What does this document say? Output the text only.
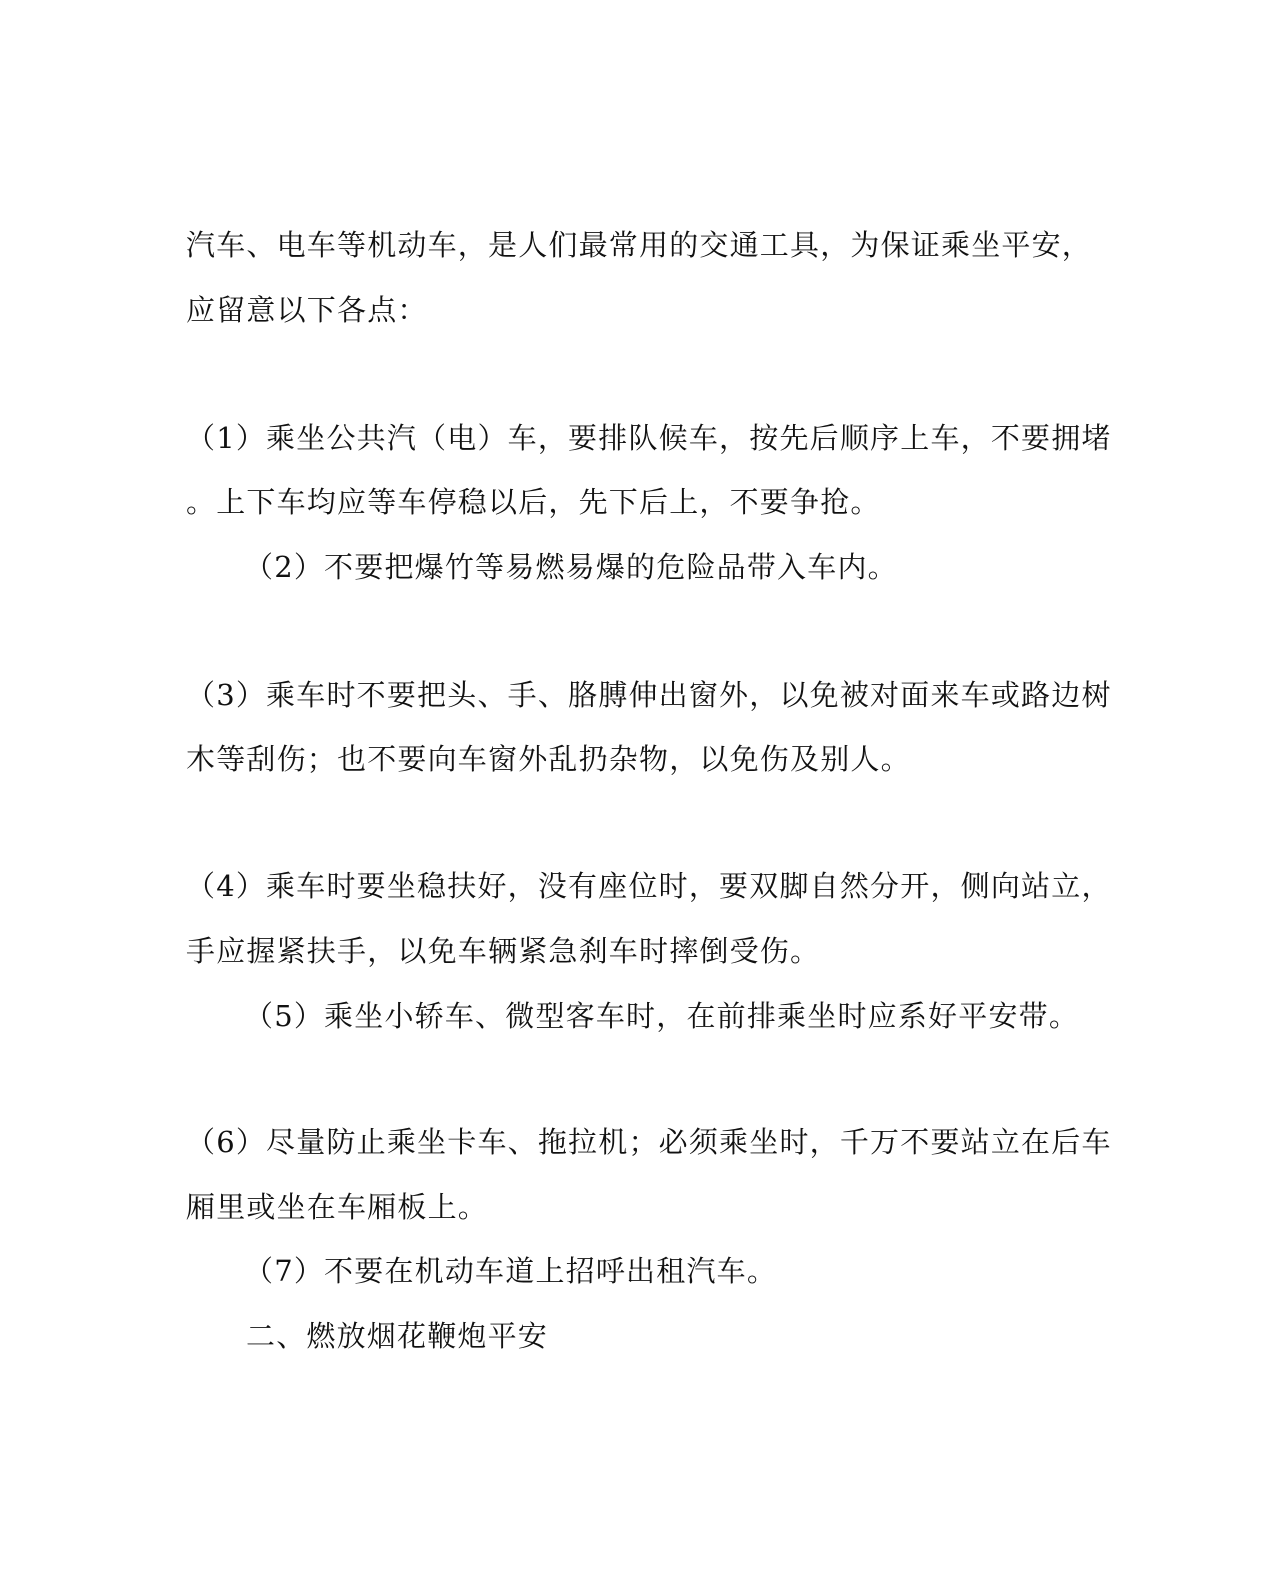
汽车、电车等机动车，是人们最常用的交通工具，为保证乘坐平安，
应留意以下各点：
（1）乘坐公共汽（电）车，要排队候车，按先后顺序上车，不要拥堵
。上下车均应等车停稳以后，先下后上，不要争抢。
（2）不要把爆竹等易燃易爆的危险品带入车内。
（3）乘车时不要把头、手、胳膊伸出窗外，以免被对面来车或路边树
木等刮伤；也不要向车窗外乱扔杂物，以免伤及别人。
（4）乘车时要坐稳扶好，没有座位时，要双脚自然分开，侧向站立，
手应握紧扶手，以免车辆紧急刹车时摔倒受伤。
（5）乘坐小轿车、微型客车时，在前排乘坐时应系好平安带。
（6）尽量防止乘坐卡车、拖拉机；必须乘坐时，千万不要站立在后车
厢里或坐在车厢板上。
（7）不要在机动车道上招呼出租汽车。
二、燃放烟花鞭炮平安
